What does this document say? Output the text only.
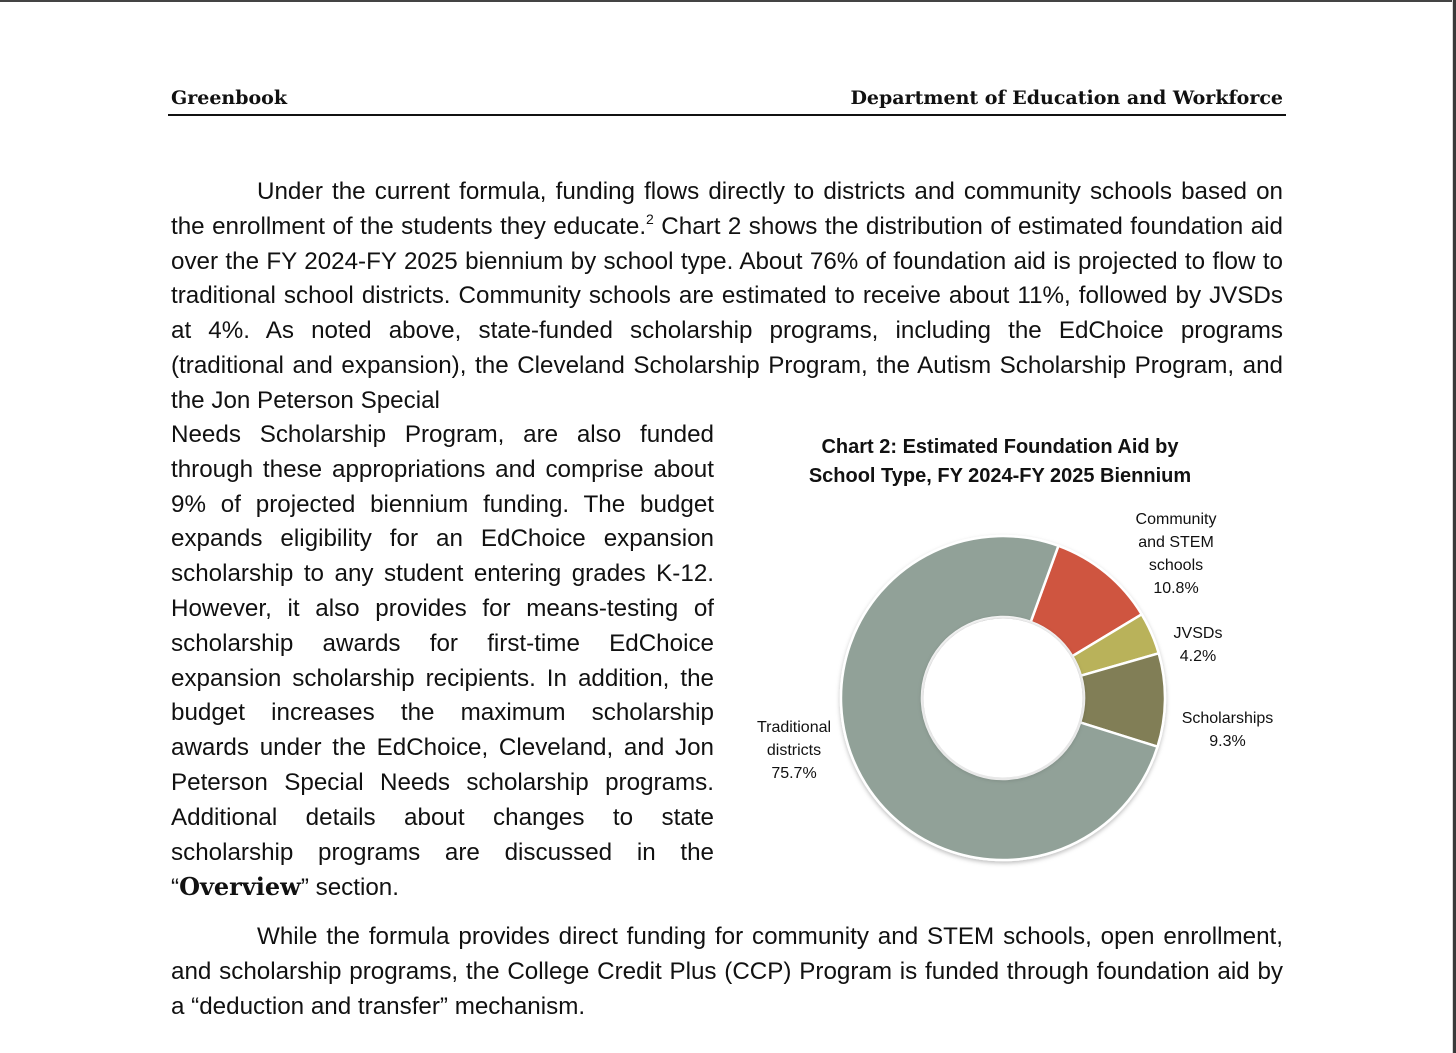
Greenbook	Department of Education and Workforce
Under the current formula, funding flows directly to districts and community schools based on the enrollment of the students they educate.$^2$ Chart 2 shows the distribution of estimated foundation aid over the FY 2024-FY 2025 biennium by school type. About 76% of foundation aid is projected to flow to traditional school districts. Community schools are estimated to receive about 11%, followed by JVSDs at 4%. As noted above, state-funded scholarship programs, including the EdChoice programs (traditional and expansion), the Cleveland Scholarship Program, the Autism Scholarship Program, and the Jon Peterson Special
Needs Scholarship Program, are also funded through these appropriations and comprise about 9% of projected biennium funding. The budget expands eligibility for an EdChoice expansion scholarship to any student entering grades K-12. However, it also provides for means-testing of scholarship awards for first-time EdChoice expansion scholarship recipients. In addition, the budget increases the maximum scholarship awards under the EdChoice, Cleveland, and Jon Peterson Special Needs scholarship programs. Additional details about changes to state scholarship programs are discussed in the “Overview” section.
Chart 2: Estimated Foundation Aid by
School Type, FY 2024-FY 2025 Biennium
Community
and STEM
schools
10.8%
JVSDs
4.2%
Scholarships
9.3%
Traditional
districts
75.7%
While the formula provides direct funding for community and STEM schools, open enrollment, and scholarship programs, the College Credit Plus (CCP) Program is funded through foundation aid by a “deduction and transfer” mechanism.
